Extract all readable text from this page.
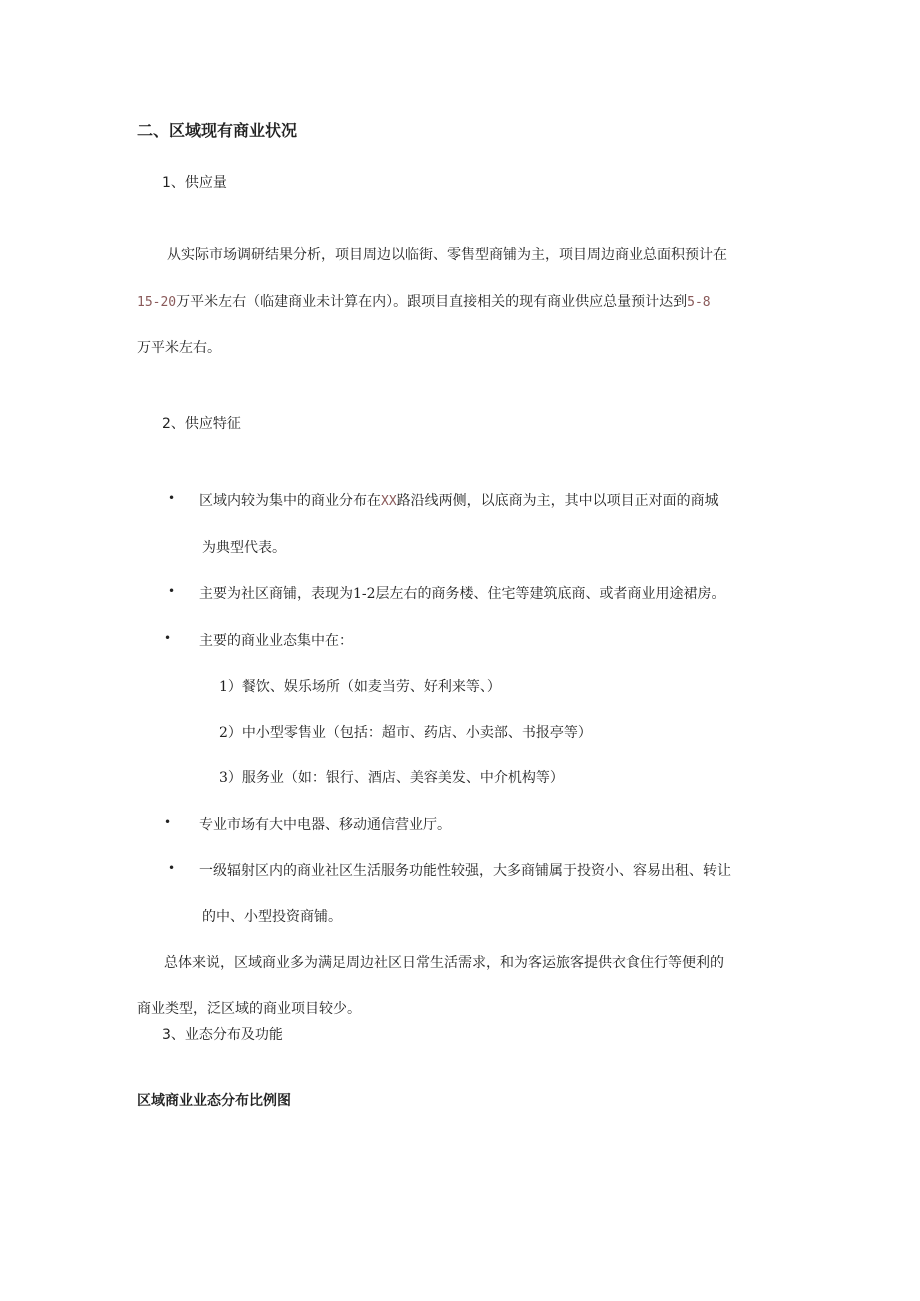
二、区域现有商业状况
1、供应量

从实际市场调研结果分析，项目周边以临街、零售型商铺为主，项目周边商业总面积预计在

15-20万平米左右（临建商业未计算在内）。跟项目直接相关的现有商业供应总量预计达到5-8

万平米左右。

2、供应特征
• 区域内较为集中的商业分布在XX路沿线两侧，以底商为主，其中以项目正对面的商城

为典型代表。

• 主要为社区商铺，表现为1-2层左右的商务楼、住宅等建筑底商、或者商业用途裙房。

• 主要的商业业态集中在：

1）餐饮、娱乐场所（如麦当劳、好利来等、）

2）中小型零售业（包括：超市、药店、小卖部、书报亭等）

3）服务业（如：银行、酒店、美容美发、中介机构等）

• 专业市场有大中电器、移动通信营业厅。

• 一级辐射区内的商业社区生活服务功能性较强，大多商铺属于投资小、容易出租、转让

的中、小型投资商铺。

总体来说，区域商业多为满足周边社区日常生活需求，和为客运旅客提供衣食住行等便利的

商业类型，泛区域的商业项目较少。

3、业态分布及功能
区域商业业态分布比例图
